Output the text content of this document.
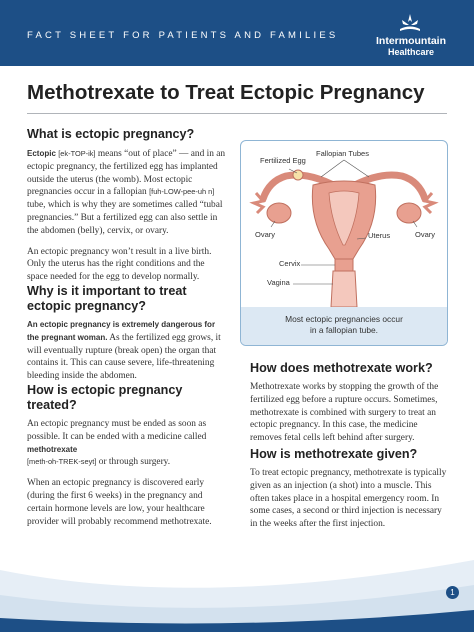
FACT SHEET FOR PATIENTS AND FAMILIES	Intermountain
Healthcare
Methotrexate to Treat Ectopic Pregnancy
What is ectopic pregnancy?

Ectopic [ek-TOP-ik] means “out of place” — and in an ectopic pregnancy, the fertilized egg has implanted outside the uterus (the womb). Most ectopic pregnancies occur in a fallopian [fuh-LOW-pee-uh n] tube, which is why they are sometimes called “tubal pregnancies.” But a fertilized egg can also settle in the abdomen (belly), cervix, or ovary.

An ectopic pregnancy won’t result in a live birth. Only the uterus has the right conditions and the space needed for the egg to develop normally.

Why is it important to treat
ectopic pregnancy?

An ectopic pregnancy is extremely dangerous for the pregnant woman. As the fertilized egg grows, it will eventually rupture (break open) the organ that contains it. This can cause severe, life-threatening bleeding inside the abdomen.

How is ectopic pregnancy treated?

An ectopic pregnancy must be ended as soon as possible. It can be ended with a medicine called methotrexate
[meth-oh-TREK-seyt] or through surgery.

When an ectopic pregnancy is discovered early (during the first 6 weeks) in the pregnancy and certain hormone levels are low, your healthcare provider will probably recommend methotrexate.

Fallopian Tubes
Fertilized Egg
Ovary	Uterus	Ovary
Cervix
Vagina
Most ectopic pregnancies occur
in a fallopian tube.
How does methotrexate work?

Methotrexate works by stopping the growth of the fertilized egg before a rupture occurs. Sometimes, methotrexate is combined with surgery to treat an ectopic pregnancy. In this case, the medicine removes fetal cells left behind after surgery.

How is methotrexate given?

To treat ectopic pregnancy, methotrexate is typically given as an injection (a shot) into a muscle. This often takes place in a hospital emergency room. In some cases, a second or third injection is necessary in the weeks after the first injection.

1
